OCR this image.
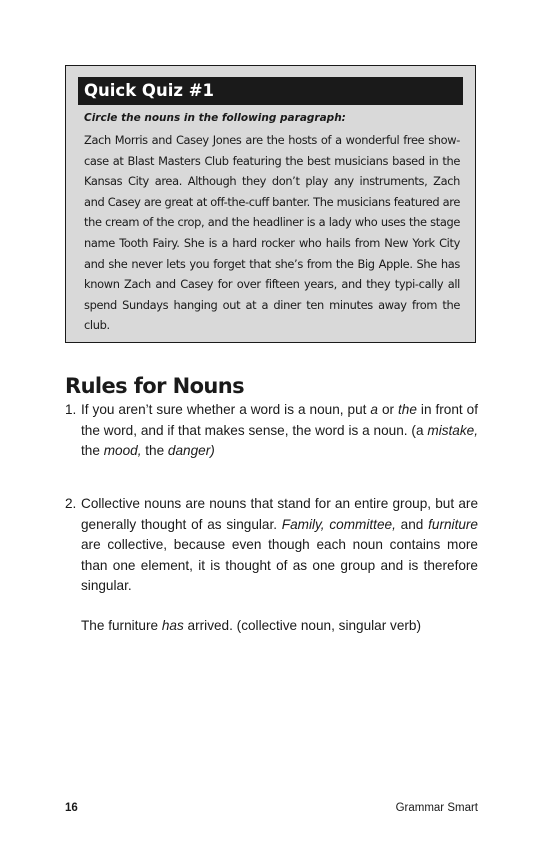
Quick Quiz #1
Circle the nouns in the following paragraph:

Zach Morris and Casey Jones are the hosts of a wonderful free show-case at Blast Masters Club featuring the best musicians based in the Kansas City area. Although they don’t play any instruments, Zach and Casey are great at off-the-cuff banter. The musicians featured are the cream of the crop, and the headliner is a lady who uses the stage name Tooth Fairy. She is a hard rocker who hails from New York City and she never lets you forget that she’s from the Big Apple. She has known Zach and Casey for over fifteen years, and they typi-cally all spend Sundays hanging out at a diner ten minutes away from the club.

Rules for Nouns
1. If you aren’t sure whether a word is a noun, put a or the in front of the word, and if that makes sense, the word is a noun. (a mistake, the mood, the danger)
2. Collective nouns are nouns that stand for an entire group, but are generally thought of as singular. Family, committee, and furniture are collective, because even though each noun contains more than one element, it is thought of as one group and is therefore singular.
The furniture has arrived. (collective noun, singular verb)
16	Grammar Smart
